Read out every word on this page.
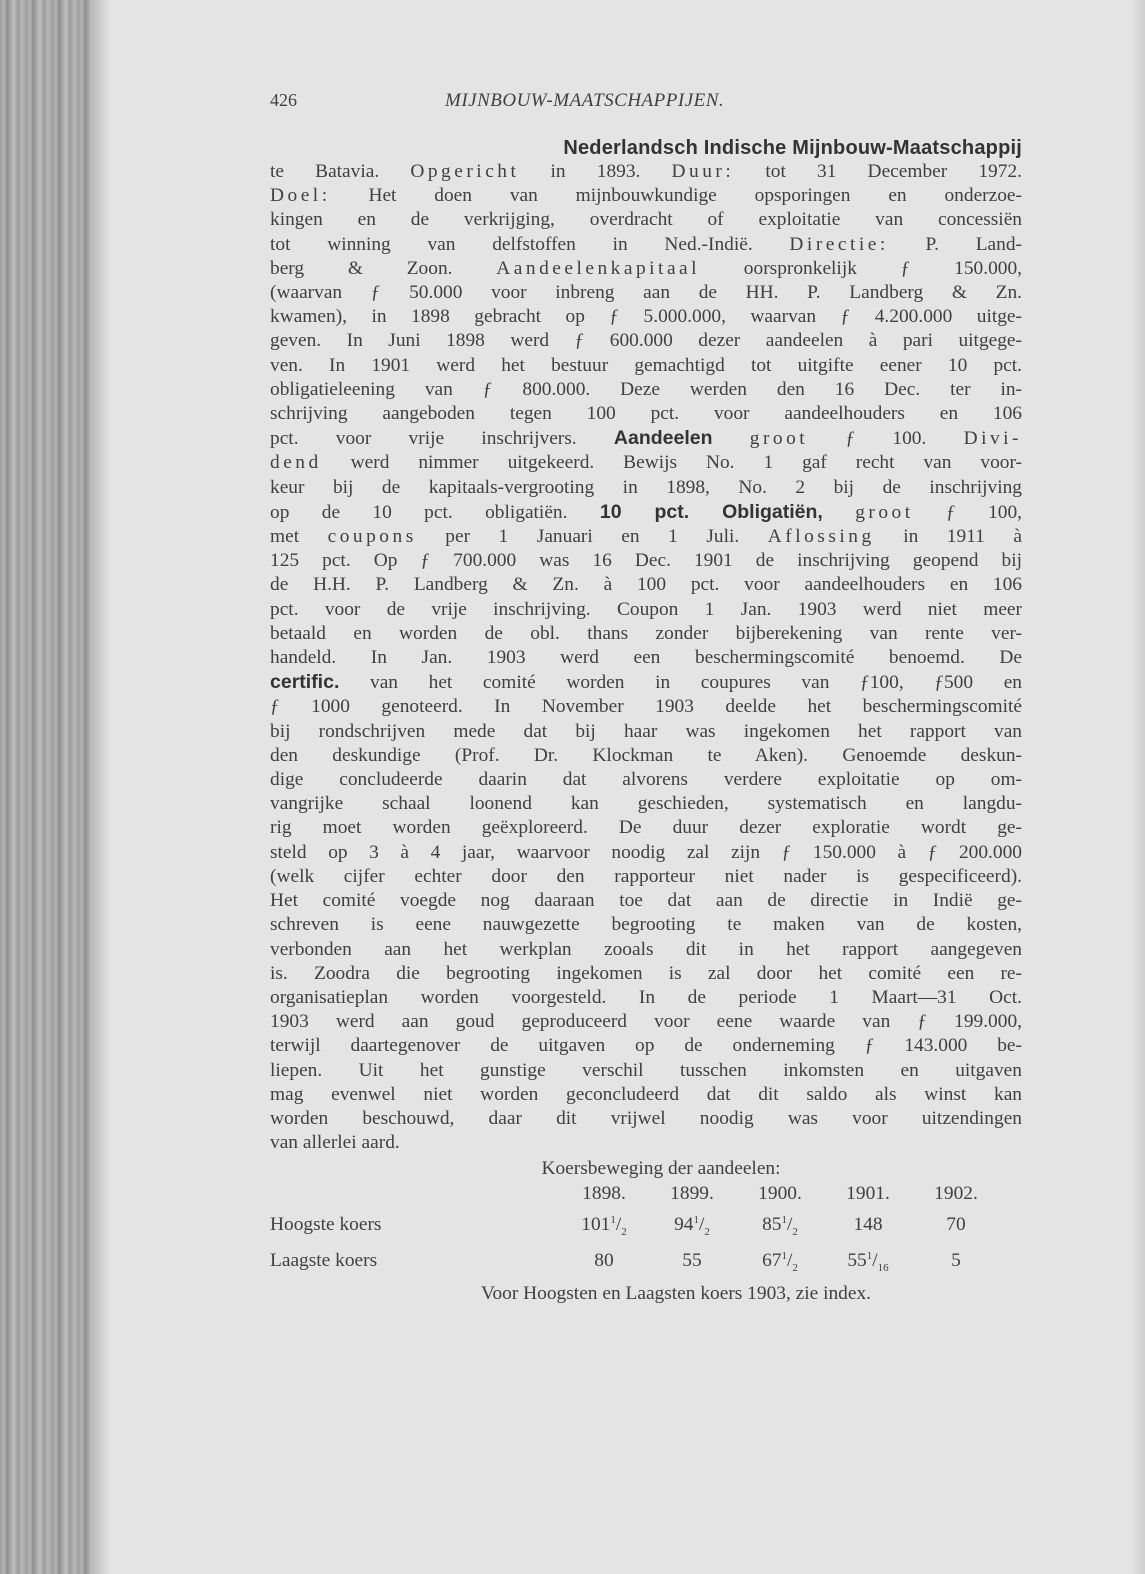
426	MIJNBOUW-MAATSCHAPPIJEN.
Nederlandsch Indische Mijnbouw-Maatschappij

te Batavia. Opgericht in 1893. Duur: tot 31 December 1972.
Doel: Het doen van mijnbouwkundige opsporingen en onderzoe-
kingen en de verkrijging, overdracht of exploitatie van concessiën
tot winning van delfstoffen in Ned.-Indië. Directie: P. Land-
berg & Zoon. Aandeelenkapitaal oorspronkelijk ƒ 150.000,
(waarvan ƒ 50.000 voor inbreng aan de HH. P. Landberg & Zn.
kwamen), in 1898 gebracht op ƒ 5.000.000, waarvan ƒ 4.200.000 uitge-
geven. In Juni 1898 werd ƒ 600.000 dezer aandeelen à pari uitgege-
ven. In 1901 werd het bestuur gemachtigd tot uitgifte eener 10 pct.
obligatieleening van ƒ 800.000. Deze werden den 16 Dec. ter in-
schrijving aangeboden tegen 100 pct. voor aandeelhouders en 106
pct. voor vrije inschrijvers. Aandeelen groot ƒ 100. Divi-
dend werd nimmer uitgekeerd. Bewijs No. 1 gaf recht van voor-
keur bij de kapitaals-vergrooting in 1898, No. 2 bij de inschrijving
op de 10 pct. obligatiën. 10 pct. Obligatiën, groot ƒ 100,
met coupons per 1 Januari en 1 Juli. Aflossing in 1911 à
125 pct. Op ƒ 700.000 was 16 Dec. 1901 de inschrijving geopend bij
de H.H. P. Landberg & Zn. à 100 pct. voor aandeelhouders en 106
pct. voor de vrije inschrijving. Coupon 1 Jan. 1903 werd niet meer
betaald en worden de obl. thans zonder bijberekening van rente ver-
handeld. In Jan. 1903 werd een beschermingscomité benoemd. De
certific. van het comité worden in coupures van ƒ100, ƒ500 en
ƒ 1000 genoteerd. In November 1903 deelde het beschermingscomité
bij rondschrijven mede dat bij haar was ingekomen het rapport van
den deskundige (Prof. Dr. Klockman te Aken). Genoemde deskun-
dige concludeerde daarin dat alvorens verdere exploitatie op om-
vangrijke schaal loonend kan geschieden, systematisch en langdu-
rig moet worden geëxploreerd. De duur dezer exploratie wordt ge-
steld op 3 à 4 jaar, waarvoor noodig zal zijn ƒ 150.000 à ƒ 200.000
(welk cijfer echter door den rapporteur niet nader is gespecificeerd).
Het comité voegde nog daaraan toe dat aan de directie in Indië ge-
schreven is eene nauwgezette begrooting te maken van de kosten,
verbonden aan het werkplan zooals dit in het rapport aangegeven
is. Zoodra die begrooting ingekomen is zal door het comité een re-
organisatieplan worden voorgesteld. In de periode 1 Maart—31 Oct.
1903 werd aan goud geproduceerd voor eene waarde van ƒ 199.000,
terwijl daartegenover de uitgaven op de onderneming ƒ 143.000 be-
liepen. Uit het gunstige verschil tusschen inkomsten en uitgaven
mag evenwel niet worden geconcludeerd dat dit saldo als winst kan
worden beschouwd, daar dit vrijwel noodig was voor uitzendingen
van allerlei aard.

Koersbeweging der aandeelen:
	1898.	1899.	1900.	1901.	1902.
Hoogste koers	$101^1/_2$	$94^1/_2$	$85^1/_2$	148	70
Laagste koers	80	55	$67^1/_2$	$55^1/_{16}$	5
Voor Hoogsten en Laagsten koers 1903, zie index.
